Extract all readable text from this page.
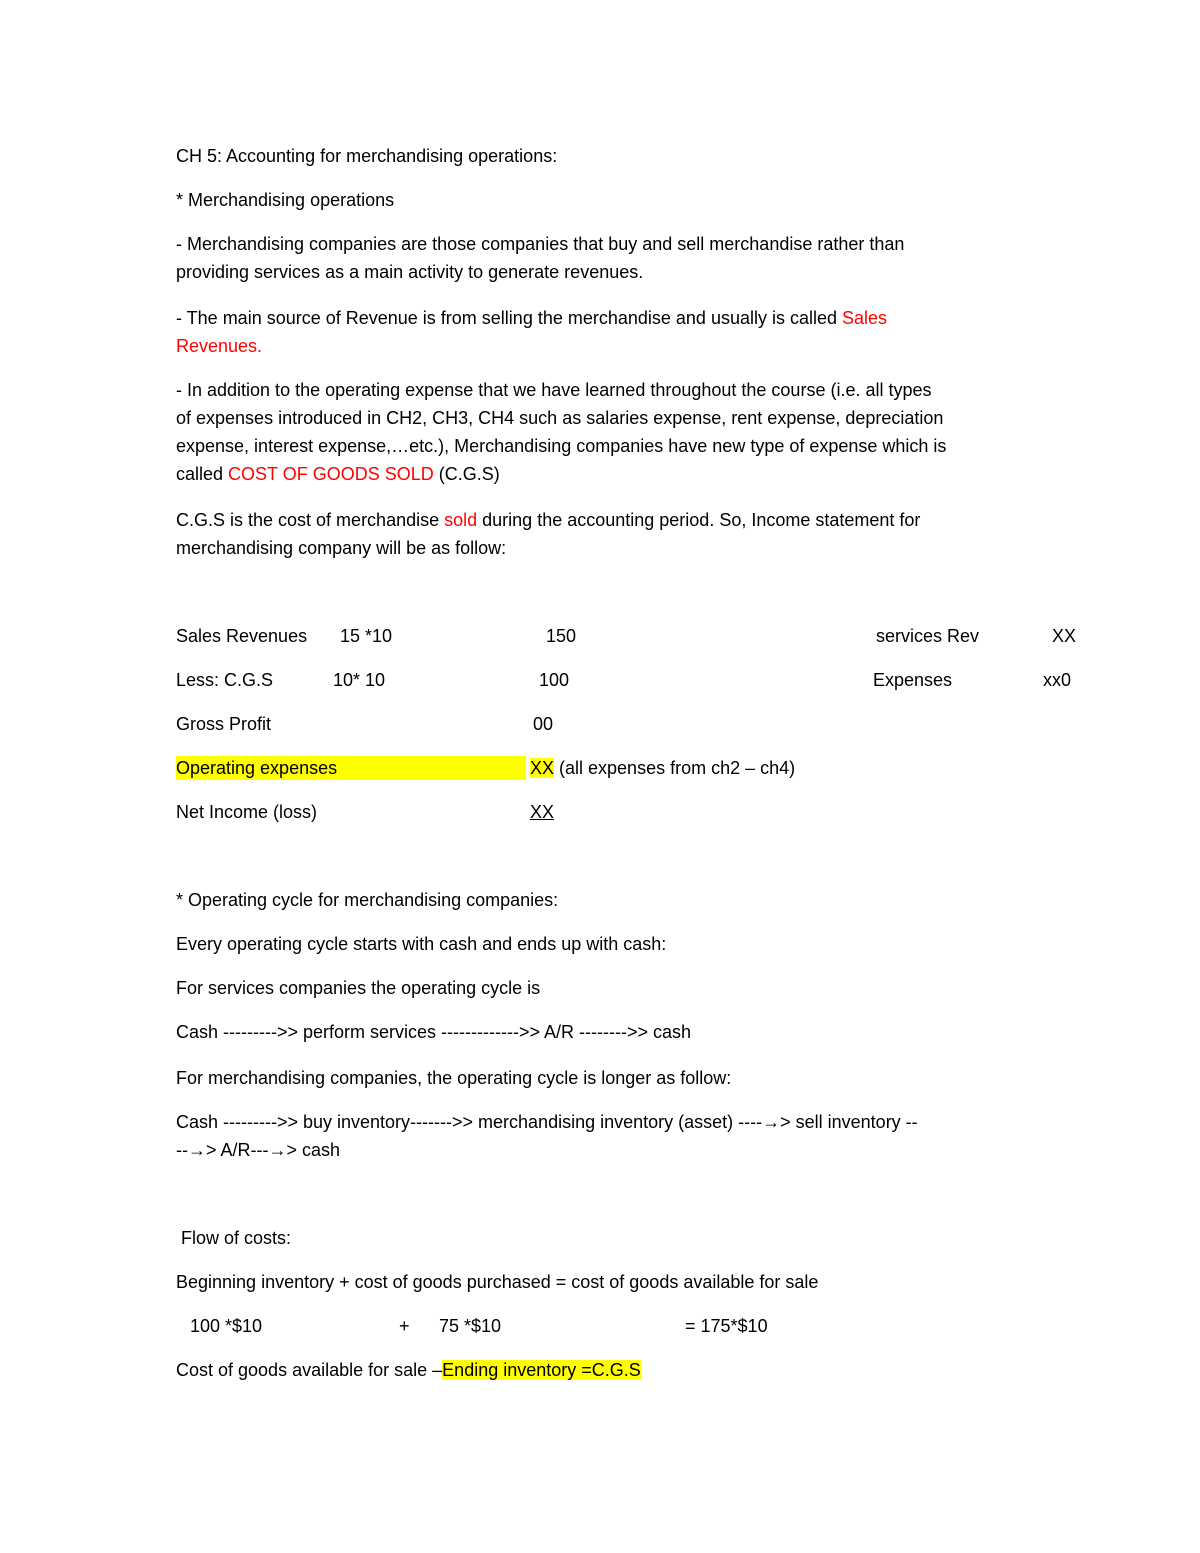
CH 5: Accounting for merchandising operations:
* Merchandising operations
- Merchandising companies are those companies that buy and sell merchandise rather than
providing services as a main activity to generate revenues.
- The main source of Revenue is from selling the merchandise and usually is called Sales
Revenues.
- In addition to the operating expense that we have learned throughout the course (i.e. all types
of expenses introduced in CH2, CH3, CH4 such as salaries expense, rent expense, depreciation
expense, interest expense,…etc.), Merchandising companies have new type of expense which is
called COST OF GOODS SOLD (C.G.S)
C.G.S is the cost of merchandise sold during the accounting period. So, Income statement for
merchandising company will be as follow:
Sales Revenues 15 *10	150	services Rev	XX
Less: C.G.S	10* 10	100	Expenses	xx0
Gross Profit	00
Operating expenses	XX (all expenses from ch2 – ch4)
Net Income (loss)	XX
* Operating cycle for merchandising companies:
Every operating cycle starts with cash and ends up with cash:
For services companies the operating cycle is
Cash --------->> perform services ------------->> A/R -------->> cash
For merchandising companies, the operating cycle is longer as follow:
Cash --------->> buy inventory------->> merchandising inventory (asset) ----→> sell inventory --
--→> A/R---→> cash
Flow of costs:
Beginning inventory + cost of goods purchased = cost of goods available for sale
100 *$10	+ 75 *$10	= 175*$10
Cost of goods available for sale –Ending inventory =C.G.S
